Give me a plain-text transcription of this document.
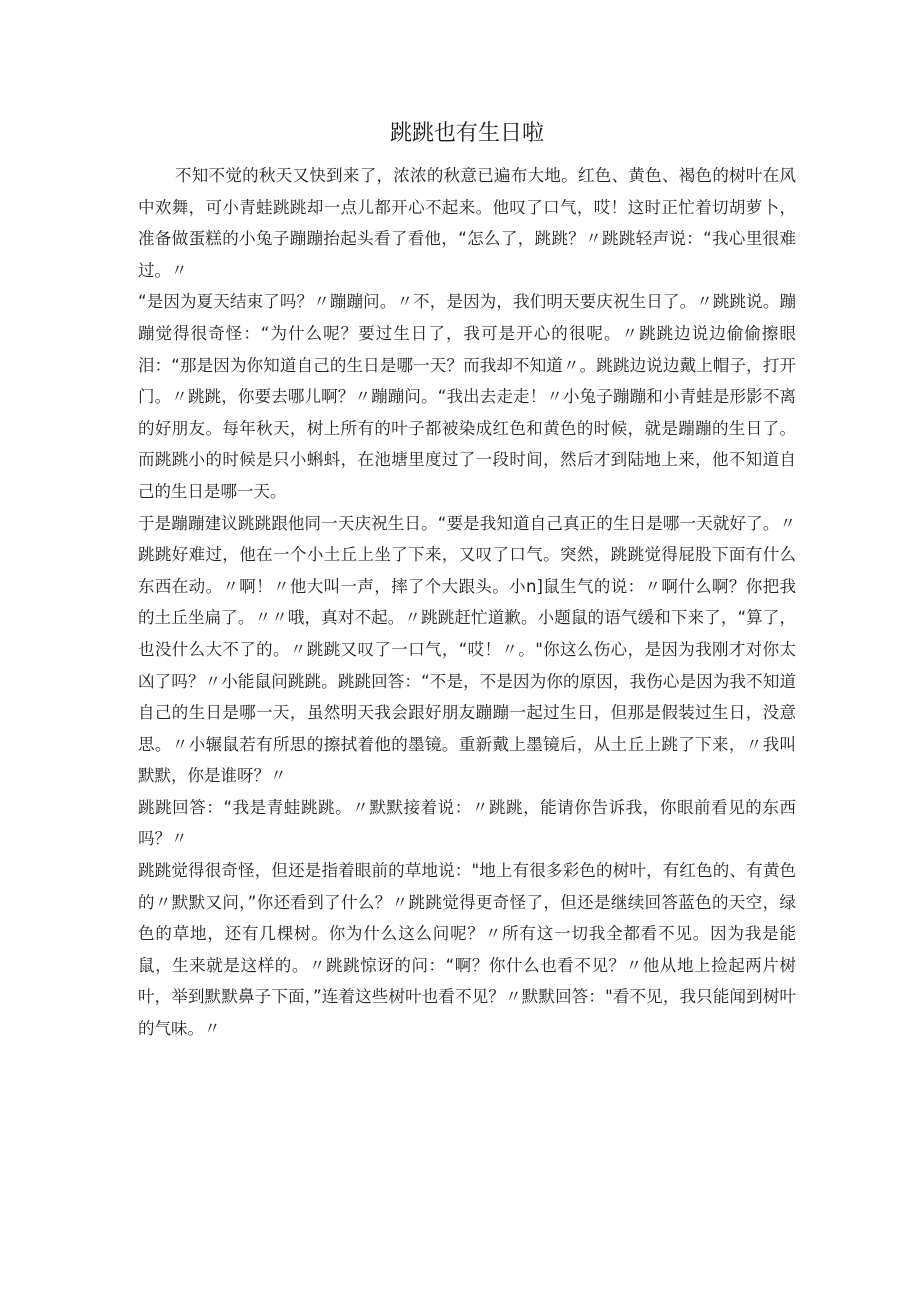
跳跳也有生日啦

不知不觉的秋天又快到来了，浓浓的秋意已遍布大地。红色、黄色、褐色的树叶在风中欢舞，可小青蛙跳跳却一点儿都开心不起来。他叹了口气，哎！这时正忙着切胡萝卜，准备做蛋糕的小兔子蹦蹦抬起头看了看他，“怎么了，跳跳？〃跳跳轻声说：“我心里很难过。〃

“是因为夏天结束了吗？〃蹦蹦问。〃不，是因为，我们明天要庆祝生日了。〃跳跳说。蹦蹦觉得很奇怪：“为什么呢？要过生日了，我可是开心的很呢。〃跳跳边说边偷偷擦眼泪：“那是因为你知道自己的生日是哪一天？而我却不知道〃。跳跳边说边戴上帽子，打开门。〃跳跳，你要去哪儿啊？〃蹦蹦问。“我出去走走！〃小兔子蹦蹦和小青蛙是形影不离的好朋友。每年秋天，树上所有的叶子都被染成红色和黄色的时候，就是蹦蹦的生日了。而跳跳小的时候是只小蝌蚪，在池塘里度过了一段时间，然后才到陆地上来，他不知道自己的生日是哪一天。

于是蹦蹦建议跳跳跟他同一天庆祝生日。“要是我知道自己真正的生日是哪一天就好了。〃跳跳好难过，他在一个小土丘上坐了下来，又叹了口气。突然，跳跳觉得屁股下面有什么东西在动。〃啊！〃他大叫一声，摔了个大跟头。小n]鼠生气的说：〃啊什么啊？你把我的土丘坐扁了。〃〃哦，真对不起。〃跳跳赶忙道歉。小题鼠的语气缓和下来了，“算了，也没什么大不了的。〃跳跳又叹了一口气，“哎！〃。"你这么伤心，是因为我刚才对你太凶了吗？〃小能鼠问跳跳。跳跳回答：“不是，不是因为你的原因，我伤心是因为我不知道自己的生日是哪一天，虽然明天我会跟好朋友蹦蹦一起过生日，但那是假装过生日，没意思。〃小辗鼠若有所思的擦拭着他的墨镜。重新戴上墨镜后，从土丘上跳了下来，〃我叫默默，你是谁呀？〃

跳跳回答：“我是青蛙跳跳。〃默默接着说：〃跳跳，能请你告诉我，你眼前看见的东西吗？〃

跳跳觉得很奇怪，但还是指着眼前的草地说："地上有很多彩色的树叶，有红色的、有黄色的〃默默又问，”你还看到了什么？〃跳跳觉得更奇怪了，但还是继续回答蓝色的天空，绿色的草地，还有几棵树。你为什么这么问呢？〃所有这一切我全都看不见。因为我是能鼠，生来就是这样的。〃跳跳惊讶的问：“啊？你什么也看不见？〃他从地上捡起两片树叶，举到默默鼻子下面，”连着这些树叶也看不见？〃默默回答："看不见，我只能闻到树叶的气味。〃
